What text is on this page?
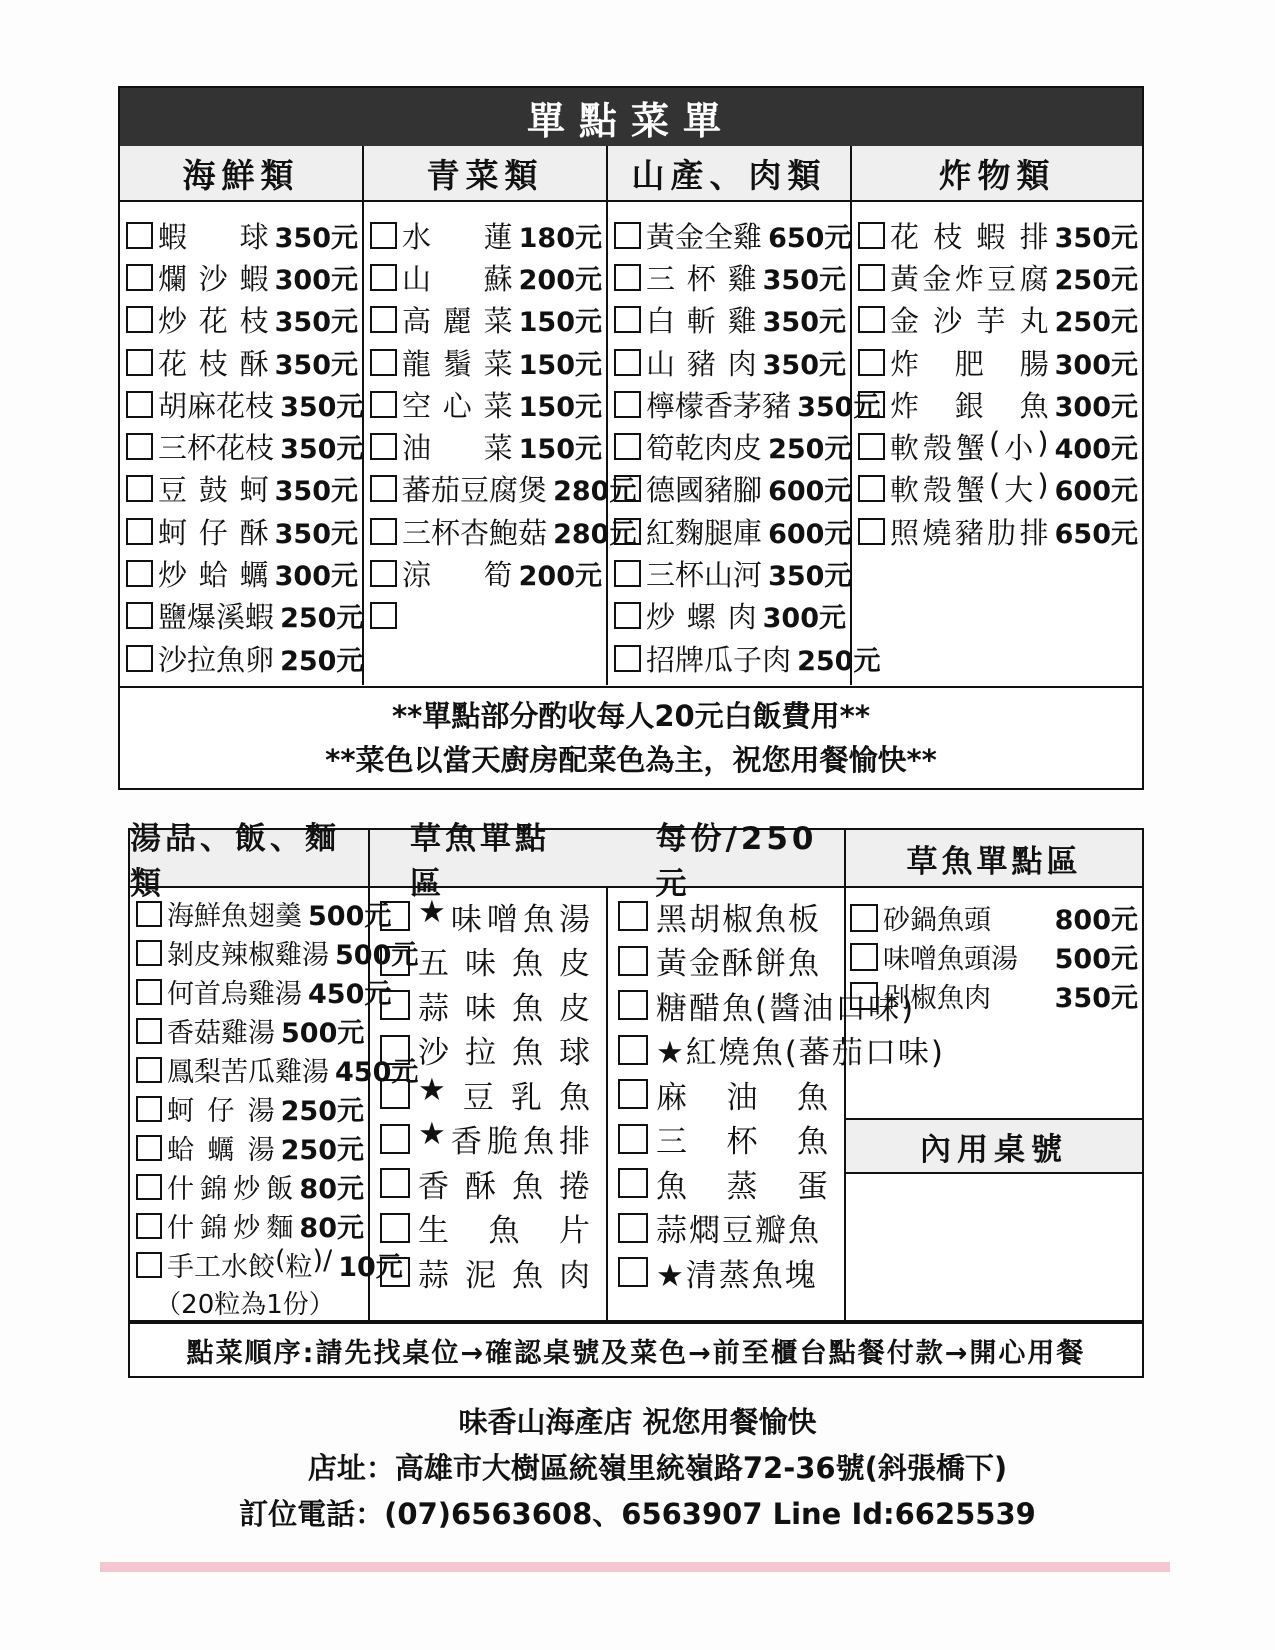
單點菜單
海鮮類
蝦 球 350元
爛 沙 蝦 300元
炒 花 枝 350元
花 枝 酥 350元
胡 麻 花 枝 350元
三 杯 花 枝 350元
豆 鼓 蚵 350元
蚵 仔 酥 350元
炒 蛤 蠣 300元
鹽 爆 溪 蝦 250元
沙 拉 魚 卵 250元
青菜類
水 蓮 180元
山 蘇 200元
高 麗 菜 150元
龍 鬚 菜 150元
空 心 菜 150元
油 菜 150元
蕃 茄 豆 腐 煲 280元
三 杯 杏 鮑 菇 280元
涼 筍 200元
山產、肉類
黃 金 全 雞 650元
三 杯 雞 350元
白 斬 雞 350元
山 豬 肉 350元
檸 檬 香 茅 豬 350元
筍 乾 肉 皮 250元
德 國 豬 腳 600元
紅 麴 腿 庫 600元
三 杯 山 河 350元
炒 螺 肉 300元
招 牌 瓜 子 肉 250元
炸物類
花 枝 蝦 排 350元
黃 金 炸 豆 腐 250元
金 沙 芋 丸 250元
炸 肥 腸 300元
炸 銀 魚 300元
軟 殼 蟹 ( 小 ) 400元
軟 殼 蟹 ( 大 ) 600元
照 燒 豬 肋 排 650元
**單點部分酌收每人20元白飯費用**
**菜色以當天廚房配菜色為主，祝您用餐愉快**
湯品、飯、麵類
草魚單點區
每份/250元
草魚單點區
海 鮮 魚 翅 羹 500元
剝 皮 辣 椒 雞 湯 500元
何 首 烏 雞 湯 450元
香 菇 雞 湯 500元
鳳 梨 苦 瓜 雞 湯 450元
蚵 仔 湯 250元
蛤 蠣 湯 250元
什 錦 炒 飯 80元
什 錦 炒 麵 80元
手 工 水 餃 ( 粒 ) / 10元
（20粒為1份）
★ 味 噌 魚 湯
五 味 魚 皮
蒜 味 魚 皮
沙 拉 魚 球
★ 豆 乳 魚
★ 香 脆 魚 排
香 酥 魚 捲
生 魚 片
蒜 泥 魚 肉
黑胡椒魚板
黃金酥餅魚
糖醋魚(醬油口味)
★紅燒魚(蕃茄口味)
麻 油 魚
三 杯 魚
魚 蒸 蛋
蒜燜豆瓣魚
★清蒸魚塊
砂鍋魚頭	800元
味噌魚頭湯	500元
剁椒魚肉	350元
內用桌號
點菜順序:請先找桌位→確認桌號及菜色→前至櫃台點餐付款→開心用餐
味香山海產店 祝您用餐愉快
店址：高雄市大樹區統嶺里統嶺路72-36號(斜張橋下)
訂位電話：(07)6563608、6563907 Line Id:6625539
